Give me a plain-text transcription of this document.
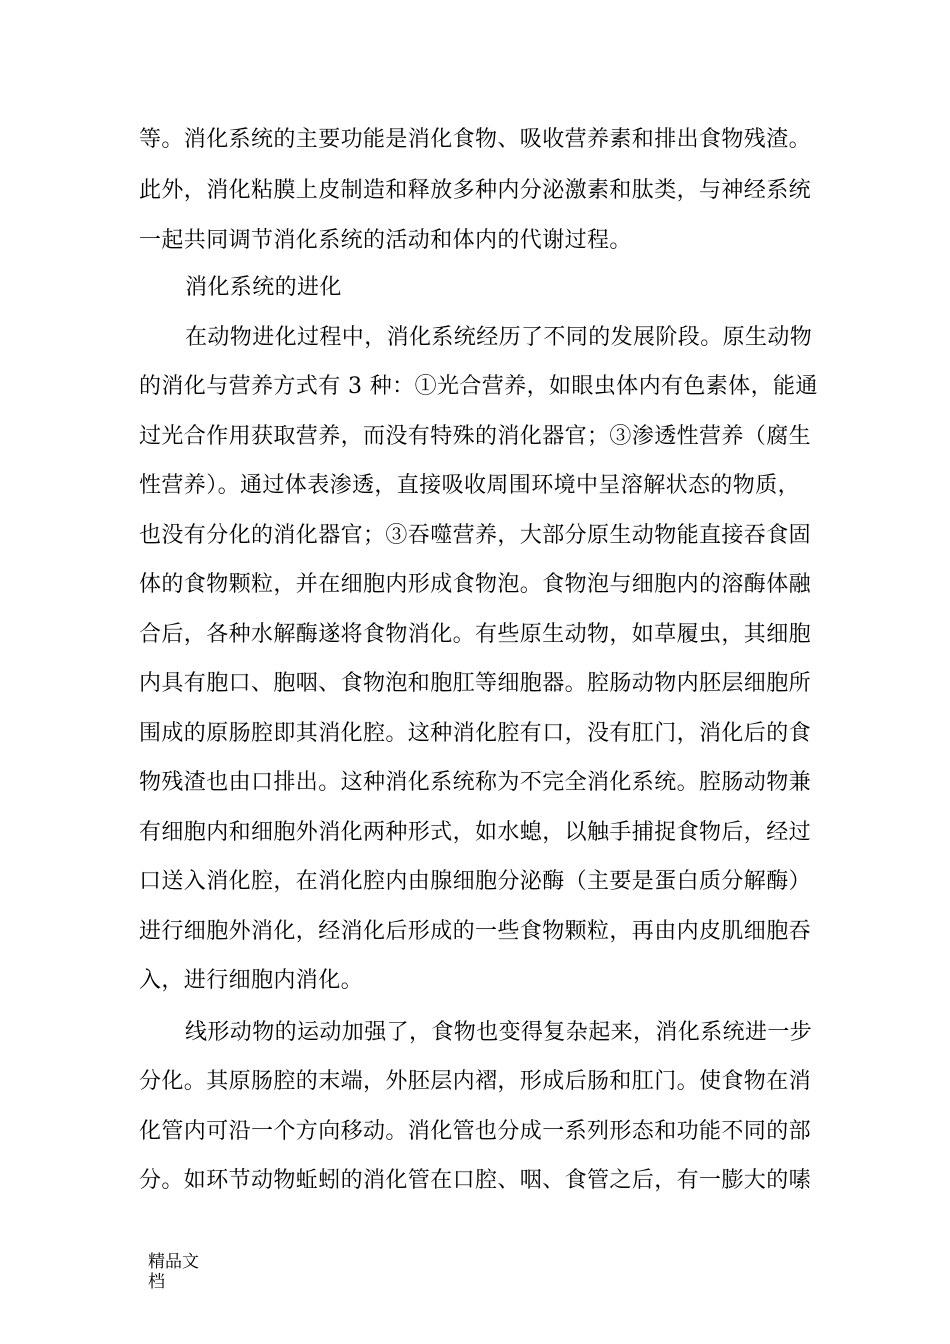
等。消化系统的主要功能是消化食物、吸收营养素和排出食物残渣。
此外，消化粘膜上皮制造和释放多种内分泌激素和肽类，与神经系统
一起共同调节消化系统的活动和体内的代谢过程。
消化系统的进化
在动物进化过程中，消化系统经历了不同的发展阶段。原生动物
的消化与营养方式有 3 种：①光合营养，如眼虫体内有色素体，能通
过光合作用获取营养，而没有特殊的消化器官；③渗透性营养（腐生
性营养）。通过体表渗透，直接吸收周围环境中呈溶解状态的物质，
也没有分化的消化器官；③吞噬营养，大部分原生动物能直接吞食固
体的食物颗粒，并在细胞内形成食物泡。食物泡与细胞内的溶酶体融
合后，各种水解酶遂将食物消化。有些原生动物，如草履虫，其细胞
内具有胞口、胞咽、食物泡和胞肛等细胞器。腔肠动物内胚层细胞所
围成的原肠腔即其消化腔。这种消化腔有口，没有肛门，消化后的食
物残渣也由口排出。这种消化系统称为不完全消化系统。腔肠动物兼
有细胞内和细胞外消化两种形式，如水螅，以触手捕捉食物后，经过
口送入消化腔，在消化腔内由腺细胞分泌酶（主要是蛋白质分解酶）
进行细胞外消化，经消化后形成的一些食物颗粒，再由内皮肌细胞吞
入，进行细胞内消化。
线形动物的运动加强了，食物也变得复杂起来，消化系统进一步
分化。其原肠腔的末端，外胚层内褶，形成后肠和肛门。使食物在消
化管内可沿一个方向移动。消化管也分成一系列形态和功能不同的部
分。如环节动物蚯蚓的消化管在口腔、咽、食管之后，有一膨大的嗉
精品文
档
